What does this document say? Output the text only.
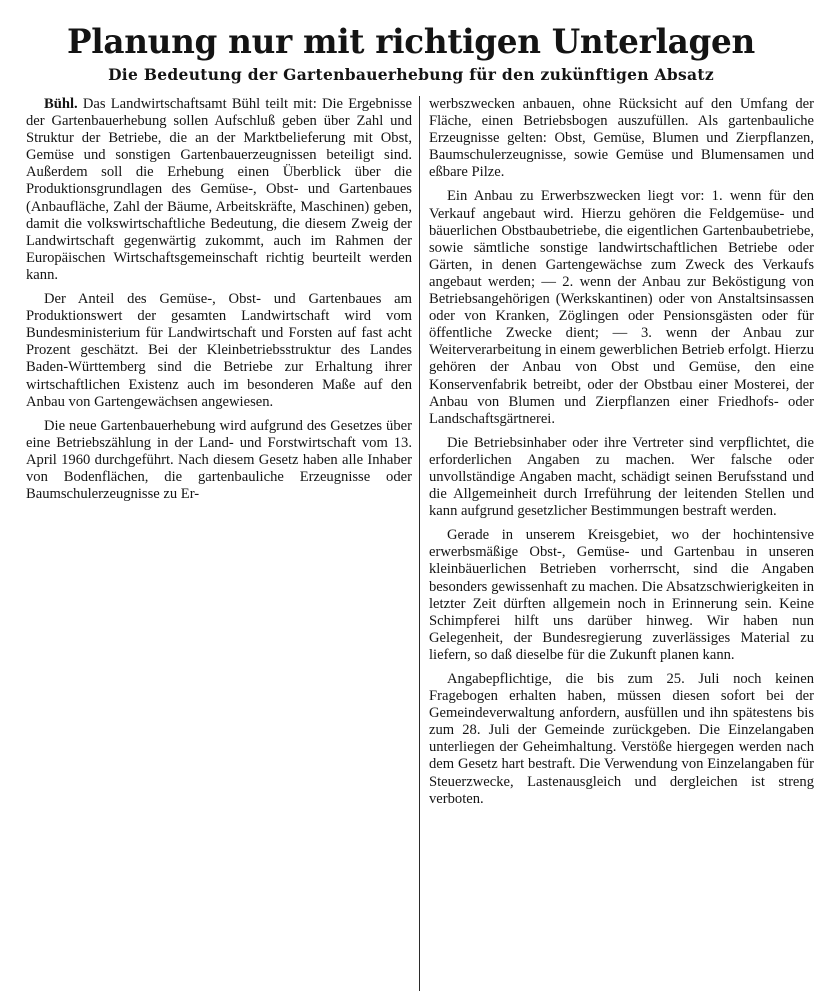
Planung nur mit richtigen Unterlagen
Die Bedeutung der Gartenbauerhebung für den zukünftigen Absatz

Bühl. Das Landwirtschaftsamt Bühl teilt mit: Die Ergebnisse der Gartenbauerhebung sollen Aufschluß geben über Zahl und Struktur der Betriebe, die an der Marktbelieferung mit Obst, Gemüse und sonstigen Gartenbauerzeugnissen beteiligt sind. Außerdem soll die Erhebung einen Überblick über die Produktionsgrundlagen des Gemüse-, Obst- und Gartenbaues (Anbaufläche, Zahl der Bäume, Arbeitskräfte, Maschinen) geben, damit die volkswirtschaftliche Bedeutung, die diesem Zweig der Landwirtschaft gegenwärtig zukommt, auch im Rahmen der Europäischen Wirtschaftsgemeinschaft richtig beurteilt werden kann.

Der Anteil des Gemüse-, Obst- und Gartenbaues am Produktionswert der gesamten Landwirtschaft wird vom Bundesministerium für Landwirtschaft und Forsten auf fast acht Prozent geschätzt. Bei der Kleinbetriebsstruktur des Landes Baden-Württemberg sind die Betriebe zur Erhaltung ihrer wirtschaftlichen Existenz auch im besonderen Maße auf den Anbau von Gartengewächsen angewiesen.

Die neue Gartenbauerhebung wird aufgrund des Gesetzes über eine Betriebszählung in der Land- und Forstwirtschaft vom 13. April 1960 durchgeführt. Nach diesem Gesetz haben alle Inhaber von Bodenflächen, die gartenbauliche Erzeugnisse oder Baumschulerzeugnisse zu Er-

werbszwecken anbauen, ohne Rücksicht auf den Umfang der Fläche, einen Betriebsbogen auszufüllen. Als gartenbauliche Erzeugnisse gelten: Obst, Gemüse, Blumen und Zierpflanzen, Baumschulerzeugnisse, sowie Gemüse und Blumensamen und eßbare Pilze.

Ein Anbau zu Erwerbszwecken liegt vor: 1. wenn für den Verkauf angebaut wird. Hierzu gehören die Feldgemüse- und bäuerlichen Obstbaubetriebe, die eigentlichen Gartenbaubetriebe, sowie sämtliche sonstige landwirtschaftlichen Betriebe oder Gärten, in denen Gartengewächse zum Zweck des Verkaufs angebaut werden; — 2. wenn der Anbau zur Beköstigung von Betriebsangehörigen (Werkskantinen) oder von Anstaltsinsassen oder von Kranken, Zöglingen oder Pensionsgästen oder für öffentliche Zwecke dient; — 3. wenn der Anbau zur Weiterverarbeitung in einem gewerblichen Betrieb erfolgt. Hierzu gehören der Anbau von Obst und Gemüse, den eine Konservenfabrik betreibt, oder der Obstbau einer Mosterei, der Anbau von Blumen und Zierpflanzen einer Friedhofs- oder Landschaftsgärtnerei.

Die Betriebsinhaber oder ihre Vertreter sind verpflichtet, die erforderlichen Angaben zu machen. Wer falsche oder unvollständige Angaben macht, schädigt seinen Berufsstand und die Allgemeinheit durch Irreführung der leitenden Stellen und kann aufgrund gesetzlicher Bestimmungen bestraft werden.

Gerade in unserem Kreisgebiet, wo der hochintensive erwerbsmäßige Obst-, Gemüse- und Gartenbau in unseren kleinbäuerlichen Betrieben vorherrscht, sind die Angaben besonders gewissenhaft zu machen. Die Absatzschwierigkeiten in letzter Zeit dürften allgemein noch in Erinnerung sein. Keine Schimpferei hilft uns darüber hinweg. Wir haben nun Gelegenheit, der Bundesregierung zuverlässiges Material zu liefern, so daß dieselbe für die Zukunft planen kann.

Angabepflichtige, die bis zum 25. Juli noch keinen Fragebogen erhalten haben, müssen diesen sofort bei der Gemeindeverwaltung anfordern, ausfüllen und ihn spätestens bis zum 28. Juli der Gemeinde zurückgeben. Die Einzelangaben unterliegen der Geheimhaltung. Verstöße hiergegen werden nach dem Gesetz hart bestraft. Die Verwendung von Einzelangaben für Steuerzwecke, Lastenausgleich und dergleichen ist streng verboten.
